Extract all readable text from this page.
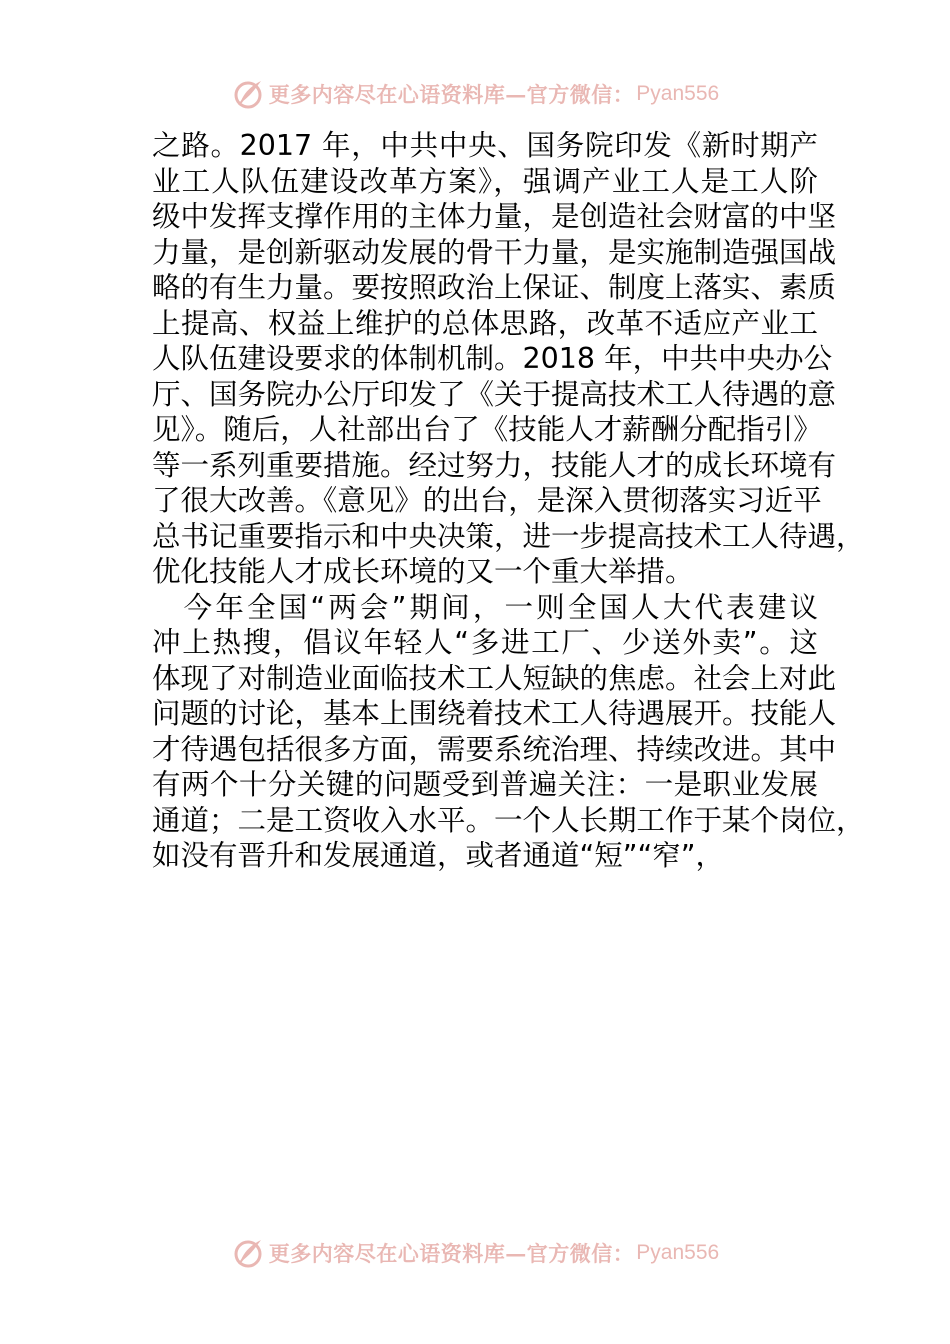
更多内容尽在心语资料库—官方微信： Pyan556
之路。2017 年，中共中央、国务院印发《新时期产
业工人队伍建设改革方案》，强调产业工人是工人阶
级中发挥支撑作用的主体力量，是创造社会财富的中坚
力量，是创新驱动发展的骨干力量，是实施制造强国战
略的有生力量。要按照政治上保证、制度上落实、素质
上提高、权益上维护的总体思路，改革不适应产业工
人队伍建设要求的体制机制。2018 年，中共中央办公
厅、国务院办公厅印发了《关于提高技术工人待遇的意
见》。随后，人社部出台了《技能人才薪酬分配指引》
等一系列重要措施。经过努力，技能人才的成长环境有
了很大改善。《意见》的出台，是深入贯彻落实习近平
总书记重要指示和中央决策，进一步提高技术工人待遇，
优化技能人才成长环境的又一个重大举措。
　今年全国“两会”期间，一则全国人大代表建议
冲上热搜，倡议年轻人“多进工厂、少送外卖”。这
体现了对制造业面临技术工人短缺的焦虑。社会上对此
问题的讨论，基本上围绕着技术工人待遇展开。技能人
才待遇包括很多方面，需要系统治理、持续改进。其中
有两个十分关键的问题受到普遍关注：一是职业发展
通道；二是工资收入水平。一个人长期工作于某个岗位，
如没有晋升和发展通道，或者通道“短”“窄”，
更多内容尽在心语资料库—官方微信： Pyan556
